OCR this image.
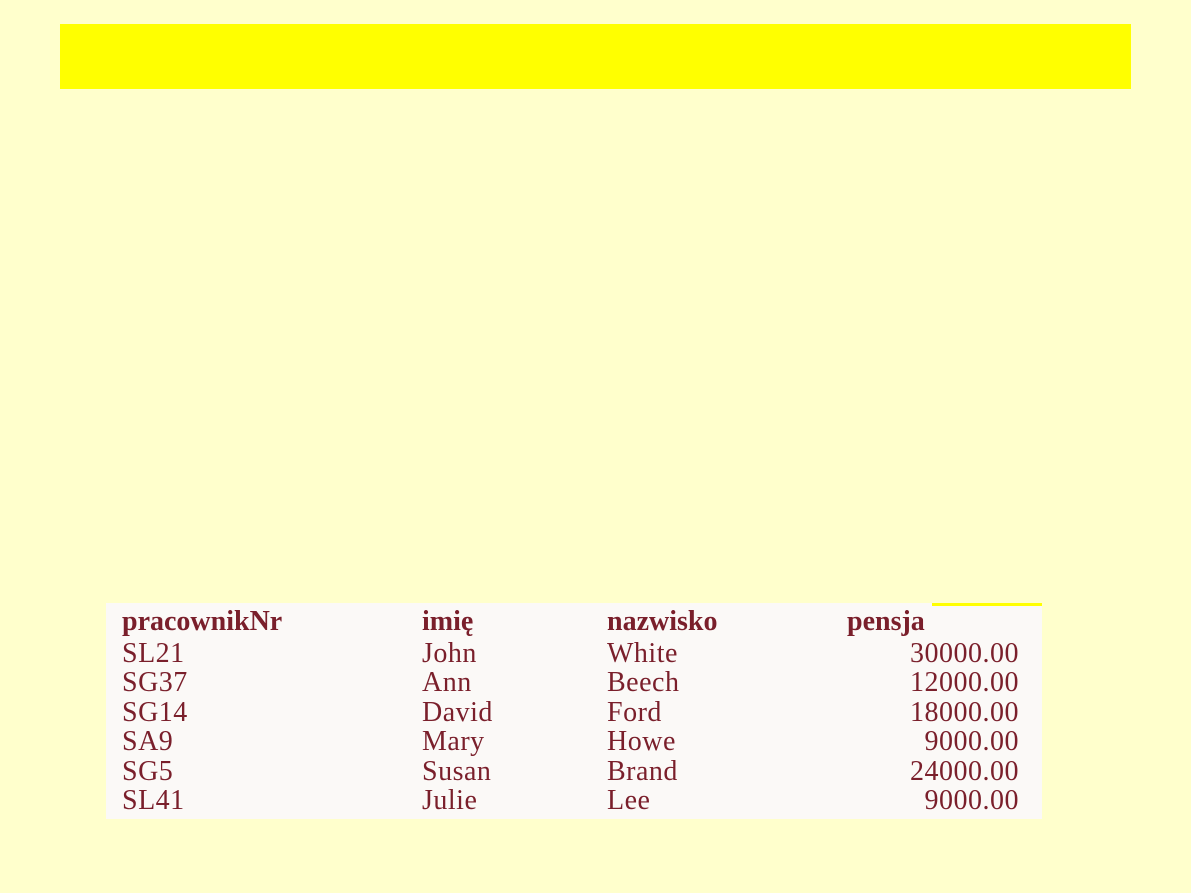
pracownikNr	imię	nazwisko	pensja
SL21	John	White	30000.00
SG37	Ann	Beech	12000.00
SG14	David	Ford	18000.00
SA9	Mary	Howe	9000.00
SG5	Susan	Brand	24000.00
SL41	Julie	Lee	9000.00
